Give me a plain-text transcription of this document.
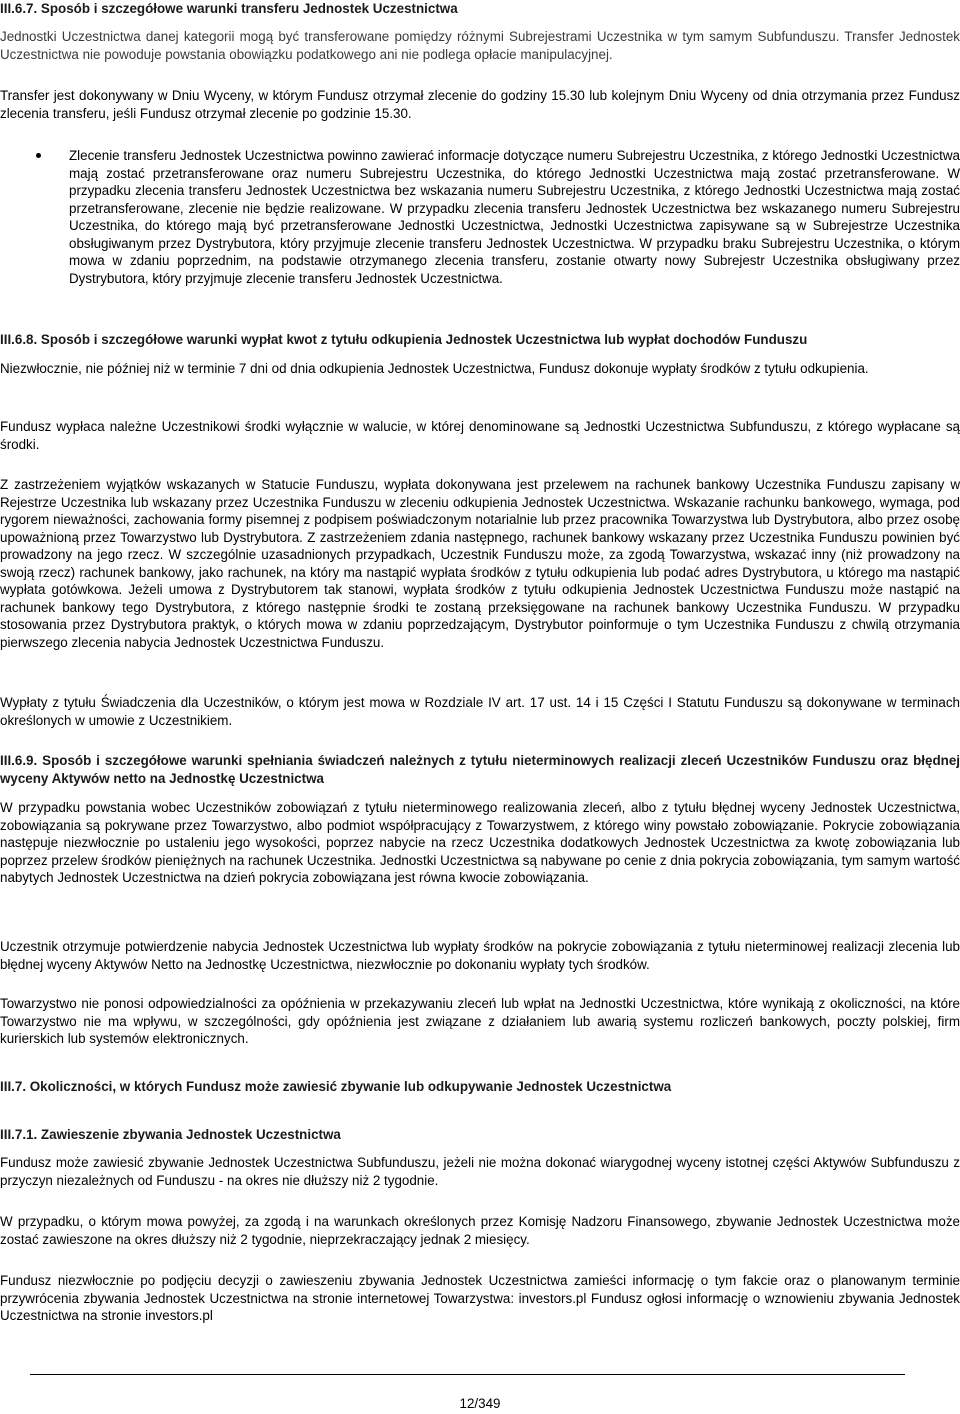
III.6.7. Sposób i szczegółowe warunki transferu Jednostek Uczestnictwa
Jednostki Uczestnictwa danej kategorii mogą być transferowane pomiędzy różnymi Subrejestrami Uczestnika w tym samym Subfunduszu. Transfer Jednostek Uczestnictwa nie powoduje powstania obowiązku podatkowego ani nie podlega opłacie manipulacyjnej.
Transfer jest dokonywany w Dniu Wyceny, w którym Fundusz otrzymał zlecenie do godziny 15.30 lub kolejnym Dniu Wyceny od dnia otrzymania przez Fundusz zlecenia transferu, jeśli Fundusz otrzymał zlecenie po godzinie 15.30.
Zlecenie transferu Jednostek Uczestnictwa powinno zawierać informacje dotyczące numeru Subrejestru Uczestnika, z którego Jednostki Uczestnictwa mają zostać przetransferowane oraz numeru Subrejestru Uczestnika, do którego Jednostki Uczestnictwa mają zostać przetransferowane. W przypadku zlecenia transferu Jednostek Uczestnictwa bez wskazania numeru Subrejestru Uczestnika, z którego Jednostki Uczestnictwa mają zostać przetransferowane, zlecenie nie będzie realizowane. W przypadku zlecenia transferu Jednostek Uczestnictwa bez wskazanego numeru Subrejestru Uczestnika, do którego mają być przetransferowane Jednostki Uczestnictwa, Jednostki Uczestnictwa zapisywane są w Subrejestrze Uczestnika obsługiwanym przez Dystrybutora, który przyjmuje zlecenie transferu Jednostek Uczestnictwa. W przypadku braku Subrejestru Uczestnika, o którym mowa w zdaniu poprzednim, na podstawie otrzymanego zlecenia transferu, zostanie otwarty nowy Subrejestr Uczestnika obsługiwany przez Dystrybutora, który przyjmuje zlecenie transferu Jednostek Uczestnictwa.
III.6.8. Sposób i szczegółowe warunki wypłat kwot z tytułu odkupienia Jednostek Uczestnictwa lub wypłat dochodów Funduszu
Niezwłocznie, nie później niż w terminie 7 dni od dnia odkupienia Jednostek Uczestnictwa, Fundusz dokonuje wypłaty środków z tytułu odkupienia.
Fundusz wypłaca należne Uczestnikowi środki wyłącznie w walucie, w której denominowane są Jednostki Uczestnictwa Subfunduszu, z którego wypłacane są środki.
Z zastrzeżeniem wyjątków wskazanych w Statucie Funduszu, wypłata dokonywana jest przelewem na rachunek bankowy Uczestnika Funduszu zapisany w Rejestrze Uczestnika lub wskazany przez Uczestnika Funduszu w zleceniu odkupienia Jednostek Uczestnictwa. Wskazanie rachunku bankowego, wymaga, pod rygorem nieważności, zachowania formy pisemnej z podpisem poświadczonym notarialnie lub przez pracownika Towarzystwa lub Dystrybutora, albo przez osobę upoważnioną przez Towarzystwo lub Dystrybutora. Z zastrzeżeniem zdania następnego, rachunek bankowy wskazany przez Uczestnika Funduszu powinien być prowadzony na jego rzecz. W szczególnie uzasadnionych przypadkach, Uczestnik Funduszu może, za zgodą Towarzystwa, wskazać inny (niż prowadzony na swoją rzecz) rachunek bankowy, jako rachunek, na który ma nastąpić wypłata środków z tytułu odkupienia lub podać adres Dystrybutora, u którego ma nastąpić wypłata gotówkowa. Jeżeli umowa z Dystrybutorem tak stanowi, wypłata środków z tytułu odkupienia Jednostek Uczestnictwa Funduszu może nastąpić na rachunek bankowy tego Dystrybutora, z którego następnie środki te zostaną przeksięgowane na rachunek bankowy Uczestnika Funduszu. W przypadku stosowania przez Dystrybutora praktyk, o których mowa w zdaniu poprzedzającym, Dystrybutor poinformuje o tym Uczestnika Funduszu z chwilą otrzymania pierwszego zlecenia nabycia Jednostek Uczestnictwa Funduszu.
Wypłaty z tytułu Świadczenia dla Uczestników, o którym jest mowa w Rozdziale IV art. 17 ust. 14 i 15 Części I Statutu Funduszu są dokonywane w terminach określonych w umowie z Uczestnikiem.
III.6.9. Sposób i szczegółowe warunki spełniania świadczeń należnych z tytułu nieterminowych realizacji zleceń Uczestników Funduszu oraz błędnej wyceny Aktywów netto na Jednostkę Uczestnictwa
W przypadku powstania wobec Uczestników zobowiązań z tytułu nieterminowego realizowania zleceń, albo z tytułu błędnej wyceny Jednostek Uczestnictwa, zobowiązania są pokrywane przez Towarzystwo, albo podmiot współpracujący z Towarzystwem, z którego winy powstało zobowiązanie. Pokrycie zobowiązania następuje niezwłocznie po ustaleniu jego wysokości, poprzez nabycie na rzecz Uczestnika dodatkowych Jednostek Uczestnictwa za kwotę zobowiązania lub poprzez przelew środków pieniężnych na rachunek Uczestnika. Jednostki Uczestnictwa są nabywane po cenie z dnia pokrycia zobowiązania, tym samym wartość nabytych Jednostek Uczestnictwa na dzień pokrycia zobowiązana jest równa kwocie zobowiązania.
Uczestnik otrzymuje potwierdzenie nabycia Jednostek Uczestnictwa lub wypłaty środków na pokrycie zobowiązania z tytułu nieterminowej realizacji zlecenia lub błędnej wyceny Aktywów Netto na Jednostkę Uczestnictwa, niezwłocznie po dokonaniu wypłaty tych środków.
Towarzystwo nie ponosi odpowiedzialności za opóźnienia w przekazywaniu zleceń lub wpłat na Jednostki Uczestnictwa, które wynikają z okoliczności, na które Towarzystwo nie ma wpływu, w szczególności, gdy opóźnienia jest związane z działaniem lub awarią systemu rozliczeń bankowych, poczty polskiej, firm kurierskich lub systemów elektronicznych.
III.7. Okoliczności, w których Fundusz może zawiesić zbywanie lub odkupywanie Jednostek Uczestnictwa
III.7.1. Zawieszenie zbywania Jednostek Uczestnictwa
Fundusz może zawiesić zbywanie Jednostek Uczestnictwa Subfunduszu, jeżeli nie można dokonać wiarygodnej wyceny istotnej części Aktywów Subfunduszu z przyczyn niezależnych od Funduszu - na okres nie dłuższy niż 2 tygodnie.
W przypadku, o którym mowa powyżej, za zgodą i na warunkach określonych przez Komisję Nadzoru Finansowego, zbywanie Jednostek Uczestnictwa może zostać zawieszone na okres dłuższy niż 2 tygodnie, nieprzekraczający jednak 2 miesięcy.
Fundusz niezwłocznie po podjęciu decyzji o zawieszeniu zbywania Jednostek Uczestnictwa zamieści informację o tym fakcie oraz o planowanym terminie przywrócenia zbywania Jednostek Uczestnictwa na stronie internetowej Towarzystwa: investors.pl Fundusz ogłosi informację o wznowieniu zbywania Jednostek Uczestnictwa na stronie investors.pl
12/349
